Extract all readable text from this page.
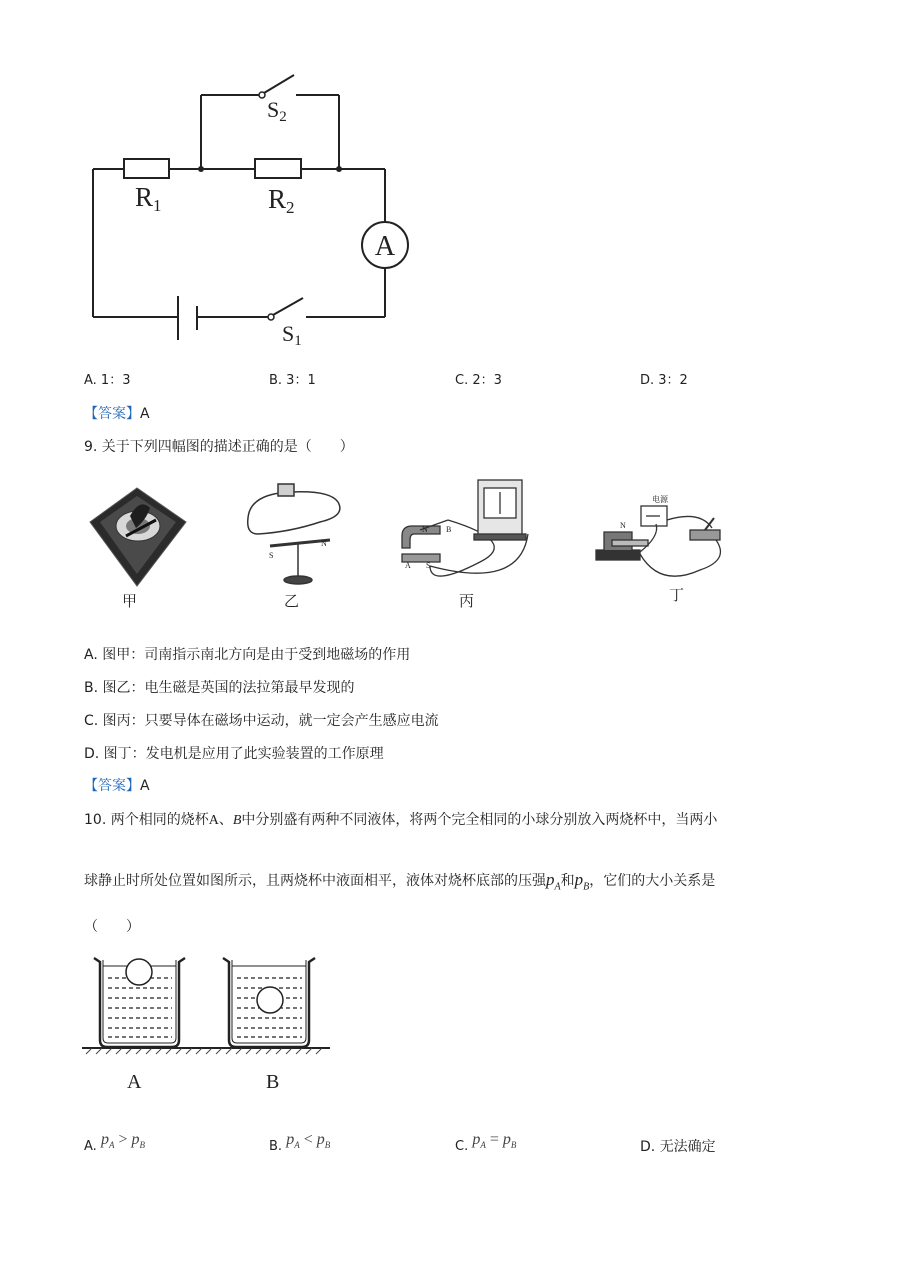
S2
R1	R2
A
S1
A. 1：3	B. 3：1	C. 2：3	D. 3：2
【答案】A
9. 关于下列四幅图的描述正确的是（　　）
S
N
N B
A S
电源
N
甲	乙	丙	丁
A. 图甲：司南指示南北方向是由于受到地磁场的作用
B. 图乙：电生磁是英国的法拉第最早发现的
C. 图丙：只要导体在磁场中运动，就一定会产生感应电流
D. 图丁：发电机是应用了此实验装置的工作原理
【答案】A
10. 两个相同的烧杯A、B中分别盛有两种不同液体，将两个完全相同的小球分别放入两烧杯中，当两小
球静止时所处位置如图所示，且两烧杯中液面相平，液体对烧杯底部的压强$p_A$和$p_B$，它们的大小关系是
（　　）
A	B
A. $p_A > p_B$	B. $p_A < p_B$	C. $p_A = p_B$	D. 无法确定
